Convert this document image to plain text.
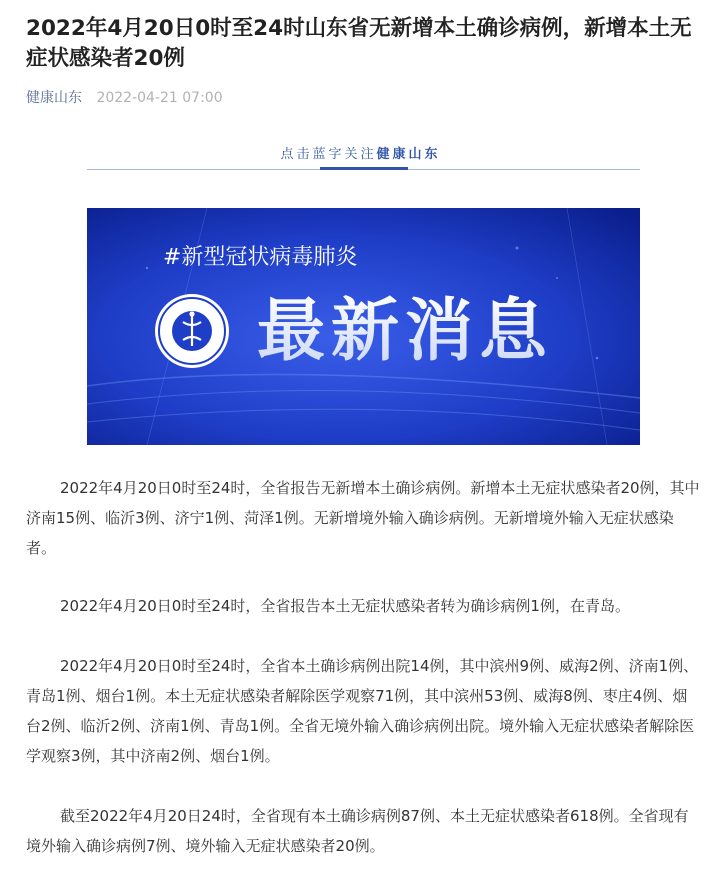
2022年4月20日0时至24时山东省无新增本土确诊病例，新增本土无症状感染者20例
健康山东 2022-04-21 07:00
点击蓝字关注健康山东
#新型冠状病毒肺炎
最新消息

2022年4月20日0时至24时，全省报告无新增本土确诊病例。新增本土无症状感染者20例，其中济南15例、临沂3例、济宁1例、菏泽1例。无新增境外输入确诊病例。无新增境外输入无症状感染者。

2022年4月20日0时至24时，全省报告本土无症状感染者转为确诊病例1例，在青岛。

2022年4月20日0时至24时，全省本土确诊病例出院14例，其中滨州9例、威海2例、济南1例、青岛1例、烟台1例。本土无症状感染者解除医学观察71例，其中滨州53例、威海8例、枣庄4例、烟台2例、临沂2例、济南1例、青岛1例。全省无境外输入确诊病例出院。境外输入无症状感染者解除医学观察3例，其中济南2例、烟台1例。

截至2022年4月20日24时，全省现有本土确诊病例87例、本土无症状感染者618例。全省现有境外输入确诊病例7例、境外输入无症状感染者20例。
